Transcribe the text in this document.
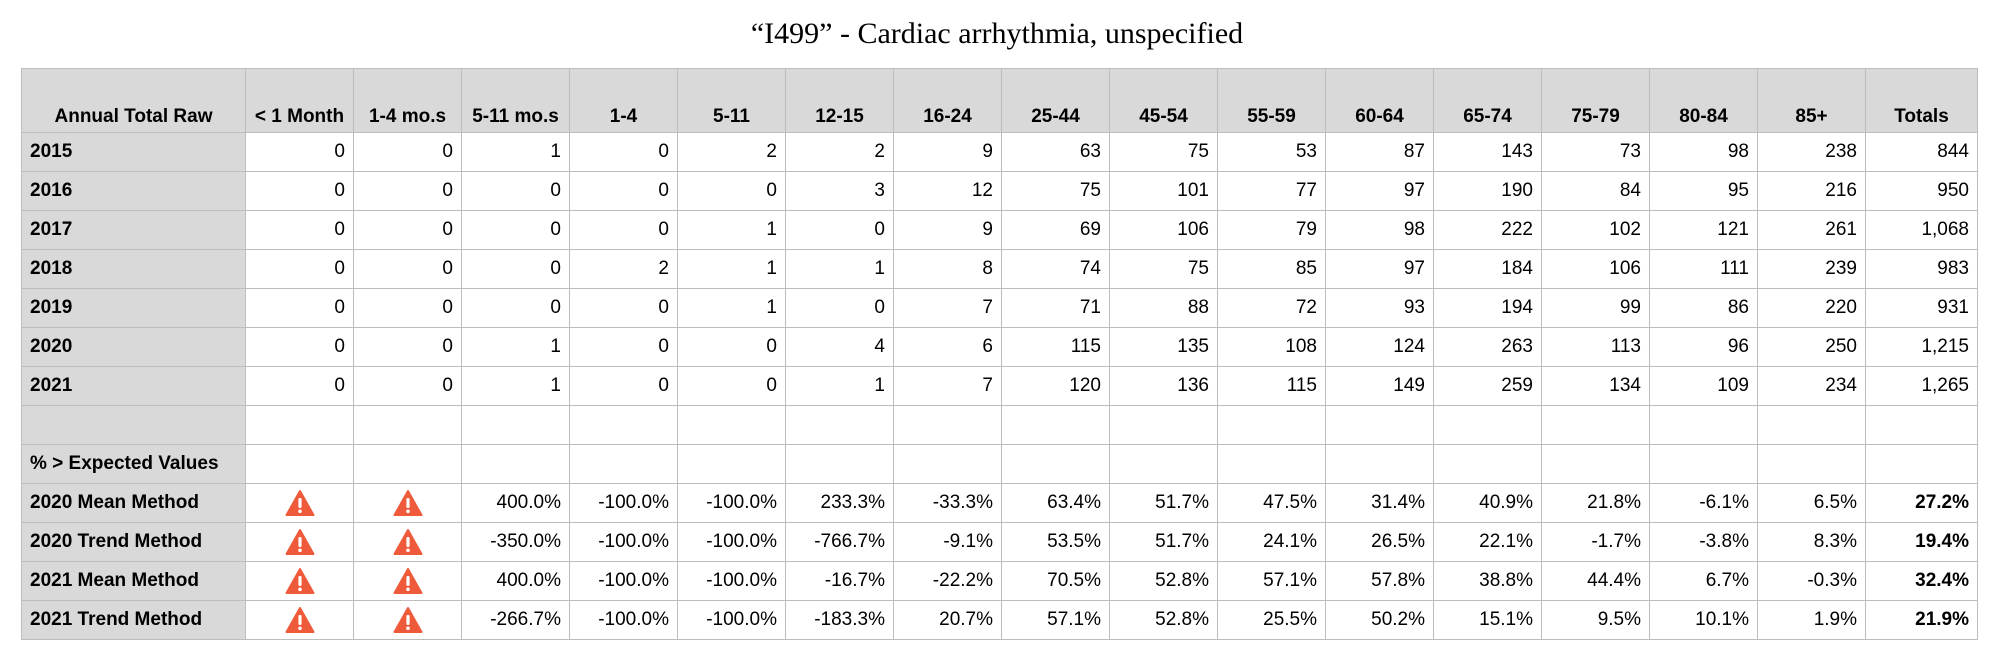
“I499” - Cardiac arrhythmia, unspecified
Annual Total Raw	< 1 Month	1-4 mo.s	5-11 mo.s	1-4	5-11	12-15	16-24	25-44	45-54	55-59	60-64	65-74	75-79	80-84	85+	Totals
2015	0	0	1	0	2	2	9	63	75	53	87	143	73	98	238	844
2016	0	0	0	0	0	3	12	75	101	77	97	190	84	95	216	950
2017	0	0	0	0	1	0	9	69	106	79	98	222	102	121	261	1,068
2018	0	0	0	2	1	1	8	74	75	85	97	184	106	111	239	983
2019	0	0	0	0	1	0	7	71	88	72	93	194	99	86	220	931
2020	0	0	1	0	0	4	6	115	135	108	124	263	113	96	250	1,215
2021	0	0	1	0	0	1	7	120	136	115	149	259	134	109	234	1,265

% > Expected Values																
2020 Mean Method			400.0%	-100.0%	-100.0%	233.3%	-33.3%	63.4%	51.7%	47.5%	31.4%	40.9%	21.8%	-6.1%	6.5%	27.2%
2020 Trend Method			-350.0%	-100.0%	-100.0%	-766.7%	-9.1%	53.5%	51.7%	24.1%	26.5%	22.1%	-1.7%	-3.8%	8.3%	19.4%
2021 Mean Method			400.0%	-100.0%	-100.0%	-16.7%	-22.2%	70.5%	52.8%	57.1%	57.8%	38.8%	44.4%	6.7%	-0.3%	32.4%
2021 Trend Method			-266.7%	-100.0%	-100.0%	-183.3%	20.7%	57.1%	52.8%	25.5%	50.2%	15.1%	9.5%	10.1%	1.9%	21.9%
